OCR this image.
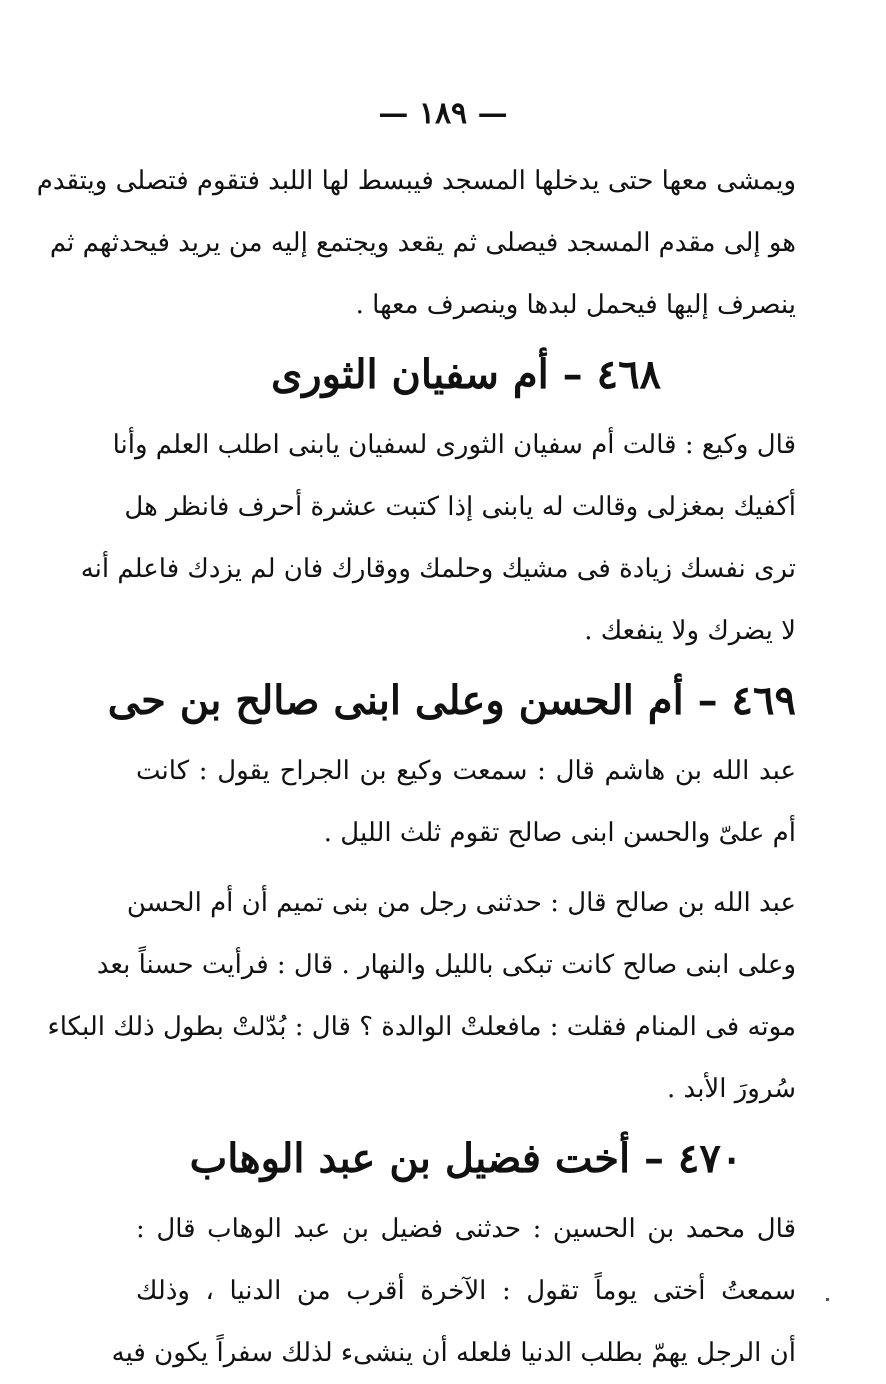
— ١٨٩ —
ويمشى معها حتى يدخلها المسجد فيبسط لها اللبد فتقوم فتصلى ويتقدم
هو إلى مقدم المسجد فيصلى ثم يقعد ويجتمع إليه من يريد فيحدثهم ثم
ينصرف إليها فيحمل لبدها وينصرف معها .
٤٦٨ – أم سفيان الثورى
قال وكيع : قالت أم سفيان الثورى لسفيان يابنى اطلب العلم وأنا
أكفيك بمغزلى وقالت له يابنى إذا كتبت عشرة أحرف فانظر هل
ترى نفسك زيادة فى مشيك وحلمك ووقارك فان لم يزدك فاعلم أنه
لا يضرك ولا ينفعك .
٤٦٩ – أم الحسن وعلى ابنى صالح بن حى
عبد الله بن هاشم قال : سمعت وكيع بن الجراح يقول : كانت
أم علىّ والحسن ابنى صالح تقوم ثلث الليل .
عبد الله بن صالح قال : حدثنى رجل من بنى تميم أن أم الحسن
وعلى ابنى صالح كانت تبكى بالليل والنهار . قال : فرأيت حسناً بعد
موته فى المنام فقلت : مافعلتْ الوالدة ؟ قال : بُدّلتْ بطول ذلك البكاء
سُرورَ الأبد .
٤٧٠ – أخت فضيل بن عبد الوهاب
قال محمد بن الحسين : حدثنى فضيل بن عبد الوهاب قال :
سمعتُ أختى يوماً تقول : الآخرة أقرب من الدنيا ، وذلك
أن الرجل يهمّ بطلب الدنيا فلعله أن ينشىء لذلك سفراً يكون فيه
